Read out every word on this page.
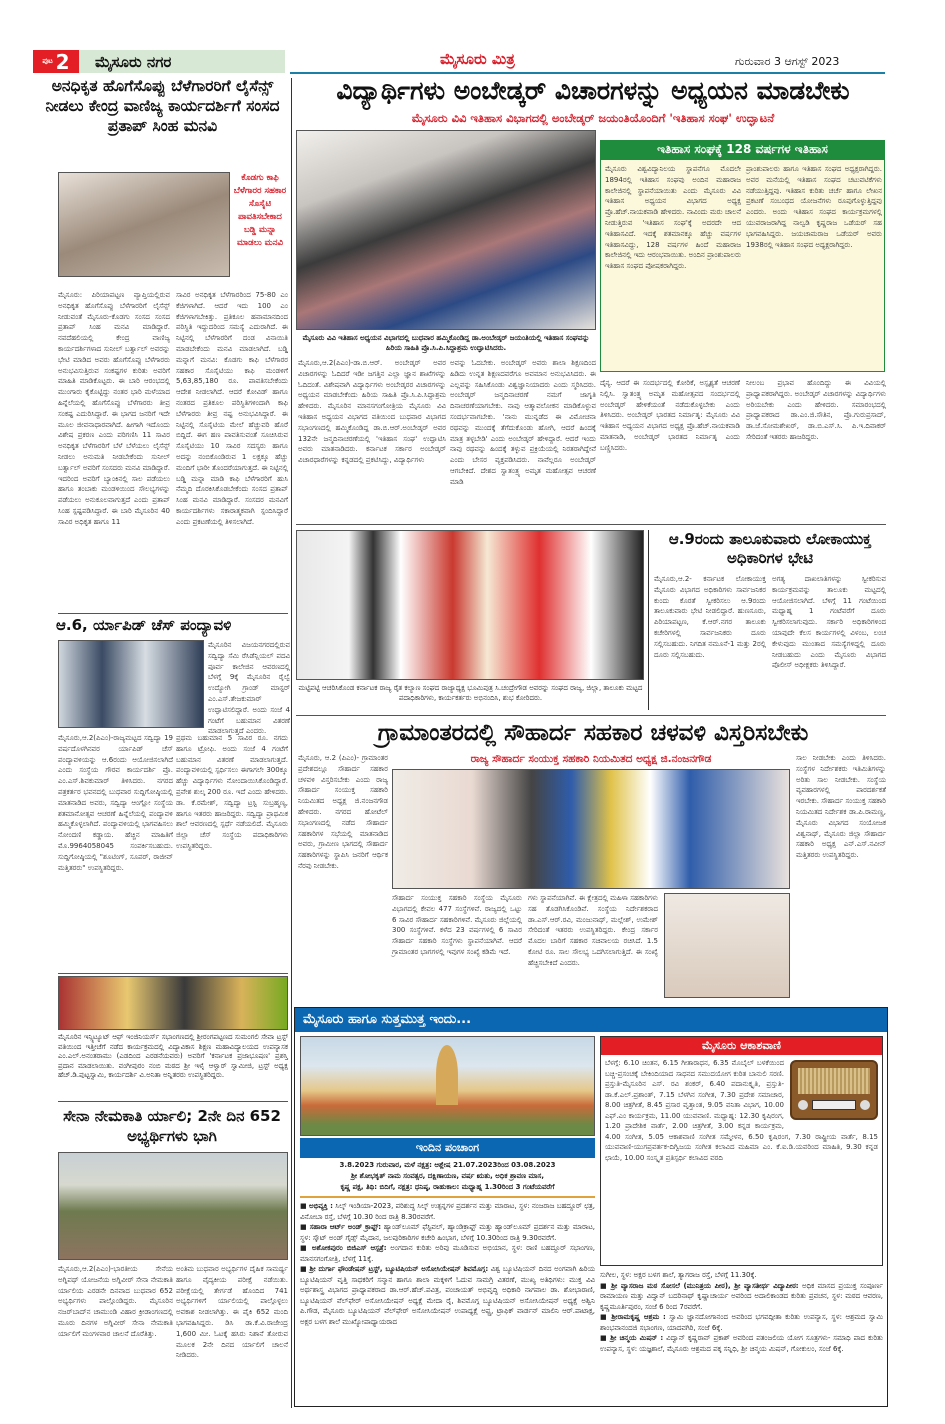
ಪುಟ 2 ಮೈಸೂರು ನಗರ	ಮೈಸೂರು ಮಿತ್ರ	ಗುರುವಾರ 3 ಆಗಸ್ಟ್ 2023
ಅನಧಿಕೃತ ಹೊಗೆಸೊಪ್ಪು ಬೆಳೆಗಾರರಿಗೆ ಲೈಸೆನ್ಸ್ ನೀಡಲು ಕೇಂದ್ರ ವಾಣಿಜ್ಯ ಕಾರ್ಯದರ್ಶಿಗೆ ಸಂಸದ ಪ್ರತಾಪ್ ಸಿಂಹ ಮನವಿ
ಕೊಡಗು ಕಾಫಿ ಬೆಳೆಗಾರರ ಸಹಕಾರ ಸೊಸೈಟಿ ಪಾವತಿಸಬೇಕಾದ ಬಡ್ಡಿ ಮನ್ನಾ ಮಾಡಲು ಮನವಿ
ಮೈಸೂರು: ಪಿರಿಯಾಪಟ್ಟಣ ವ್ಯಾಪ್ತಿಯಲ್ಲಿರುವ ಅನಧಿಕೃತ ಹೊಗೆಸೊಪ್ಪು ಬೆಳೆಗಾರರಿಗೆ ಲೈಸೆನ್ಸ್ ನೀಡುವಂತೆ ಮೈಸೂರು-ಕೊಡಗು ಸಂಸದ ಸಂಸದ ಪ್ರತಾಪ್ ಸಿಂಹ ಮನವಿ ಮಾಡಿದ್ದಾರೆ. ನವದೆಹಲಿಯಲ್ಲಿ ಕೇಂದ್ರ ವಾಣಿಜ್ಯ ಕಾರ್ಯದರ್ಶಿಗಳಾದ ಸುನೀಲ್ ಬರ್ತ್ವಾಲ್ ಅವರನ್ನು ಭೇಟಿ ಮಾಡಿದ ಅವರು ಹೊಗೆಸೊಪ್ಪು ಬೆಳೆಗಾರರು ಅನುಭವಿಸುತ್ತಿರುವ ಸಂಕಷ್ಟಗಳ ಕುರಿತು ಅವರಿಗೆ ಮಾಹಿತಿ ಮಾಡಿಕೊಟ್ಟರು. ಈ ಬಾರಿ ಆರಂಭದಲ್ಲಿ ಮುಂಗಾರು ಕೈಕೊಟ್ಟಿದ್ದು ನಂತರ ಭಾರಿ ಮಳೆಯಾದ ಹಿನ್ನೆಲೆಯಲ್ಲಿ ಹೊಗೆಸೊಪ್ಪು ಬೆಳೆಗಾರರು ತೀವ್ರ ಸಂಕಷ್ಟ ಎದುರಿಸಿದ್ದಾರೆ. ಈ ಭಾಗದ ಜನರಿಗೆ ಇದೇ ಮೂಲ ಜೀವನಾಧಾರವಾಗಿದೆ. ಹೀಗಾಗಿ ಇದೊಂದು ವಿಶೇಷ ಪ್ರಕರಣ ಎಂದು ಪರಿಗಣಿಸಿ 11 ಸಾವಿರ ಅನಧಿಕೃತ ಬೆಳೆಗಾರರಿಗೆ ಬೆಳೆ ಬೆಳೆಯಲು ಲೈಸೆನ್ಸ್ ನೀಡಲು ಅನುಮತಿ ನೀಡಬೇಕೆಂದು ಸುನೀಲ್ ಬರ್ತ್ವಾಲ್ ಅವರಿಗೆ ಸಂಸದರು ಮನವಿ ಮಾಡಿದ್ದಾರೆ. ಇದರಿಂದ ಅವರಿಗೆ ಬ್ಯಾಂಕಿನಲ್ಲಿ ಸಾಲ ಪಡೆಯಲು ಹಾಗೂ ತಂಬಾಕು ಮಂಡಳಿಯಿಂದ ಸೌಲಭ್ಯಗಳನ್ನು ಪಡೆಯಲು ಅನುಕೂಲವಾಗುತ್ತದೆ ಎಂದು ಪ್ರತಾಪ್ ಸಿಂಹ ಸ್ಪಷ್ಟಪಡಿಸಿದ್ದಾರೆ. ಈ ಬಾರಿ ಮೈಸೂರಿನ 40 ಸಾವಿರ ಅಧಿಕೃತ ಹಾಗೂ 11
ಸಾವಿರ ಅನಧಿಕೃತ ಬೆಳೆಗಾರರಿಂದ 75-80 ಎಂ ಕೆಜಿಗಳಾಗಿದೆ. ಆದರೆ ಇದು 100 ಎಂ ಕೆಜಿಗಳಾಗಬೇಕಿತ್ತು. ಪ್ರತಿಕೂಲ ಹವಾಮಾನದಿಂದ ಪರಿಸ್ಥಿತಿ ಇದ್ದುದರಿಂದ ಸಮಸ್ಯೆ ಎದುರಾಗಿದೆ. ಈ ನಿಟ್ಟಿನಲ್ಲಿ ಬೆಳೆಗಾರರಿಗೆ ದಂಡ ವಿನಾಯಿತಿ ಮಾಡಬೇಕೆಂದು ಮನವಿ ಮಾಡಲಾಗಿದೆ. ಬಡ್ಡಿ ಮನ್ನಾಗೆ ಮನವಿ: ಕೊಡಗು ಕಾಫಿ ಬೆಳೆಗಾರರ ಸಹಕಾರ ಸೊಸೈಟಿಯು ಕಾಫಿ ಮಂಡಳಿಗೆ 5,63,85,180 ರೂ. ಪಾವತಿಸಬೇಕೆಂದು ಆದೇಶ ನೀಡಲಾಗಿದೆ. ಆದರೆ ಕೋವಿಡ್ ಹಾಗೂ ನಂತರದ ಪ್ರತಿಕೂಲ ಪರಿಸ್ಥಿತಿಗಳಿಂದಾಗಿ ಕಾಫಿ ಬೆಳೆಗಾರರು ತೀವ್ರ ನಷ್ಟ ಅನುಭವಿಸಿದ್ದಾರೆ. ಈ ನಿಟ್ಟಿನಲ್ಲಿ ಸೊಸೈಟಿಯ ಮೇಲೆ ಹೆಚ್ಚುವರಿ ಹೊರೆ ಬಿದ್ದಿದೆ. ಈಗ ಹಣ ಪಾವತಿಸುವಂತೆ ಸೂಚಿಸಿರುವ ಸೊಸೈಟಿಯು 10 ಸಾವಿರ ಸದಸ್ಯರು ಹಾಗೂ ಅದನ್ನು ನಂಬಿಕೊಂಡಿರುವ 1 ಲಕ್ಷಕ್ಕೂ ಹೆಚ್ಚು ಮಂದಿಗೆ ಭಾರೀ ತೊಂದರೆಯಾಗುತ್ತದೆ. ಈ ನಿಟ್ಟಿನಲ್ಲಿ ಬಡ್ಡಿ ಮನ್ನಾ ಮಾಡಿ ಕಾಫಿ ಬೆಳೆಗಾರರಿಗೆ ಹುಸಿ ನೆಮ್ಮದಿ ದೊರಕಿಸಿಕೊಡಬೇಕೆಂದು ಸಂಸದ ಪ್ರತಾಪ್ ಸಿಂಹ ಮನವಿ ಮಾಡಿದ್ದಾರೆ. ಸಂಸದರ ಮನವಿಗೆ ಕಾರ್ಯದರ್ಶಿಗಳು ಸಕಾರಾತ್ಮಕವಾಗಿ ಸ್ಪಂದಿಸಿದ್ದಾರೆ ಎಂದು ಪ್ರಕಟಣೆಯಲ್ಲಿ ತಿಳಿಸಲಾಗಿದೆ.
ಆ.6, ರ್ಯಾಪಿಡ್ ಚೆಸ್ ಪಂದ್ಯಾವಳಿ
ಮೈಸೂರಿನ ವಿಜಯನಗರದಲ್ಲಿರುವ ಸದ್ವಿದ್ಯಾ ಸೆಮಿ ರೆಸಿಡೆನ್ಷಿಯಲ್ ಪದವಿ ಪೂರ್ವ ಕಾಲೇಜಿನ ಆವರಣದಲ್ಲಿ ಬೆಳಗ್ಗೆ 9ಕ್ಕೆ ಮೈಸೂರಿನ ರೈಲ್ವೆ ಉದ್ಯೋಗಿ ಗ್ರಾಂಡ್ ಮಾಸ್ಟರ್ ಎಂ.ಎಸ್.ತೇಜಕುಮಾರ್ ಉದ್ಘಾಟಿಸಲಿದ್ದಾರೆ. ಅಂದು ಸಂಜೆ 4 ಗಂಟೆಗೆ ಬಹುಮಾನ ವಿತರಣೆ ಮಾಡಲಾಗುತ್ತದೆ ಎಂದರು.
ಮೈಸೂರು,ಆ.2(ಪಿಎಂ)-ರಾಜ್ಯಮಟ್ಟದ ಸದ್ವಿದ್ಯಾ 19 ವರ್ಷದೊಳಗಿನವರ ರ್ಯಾಪಿಡ್ ಚೆಸ್ ಪಂದ್ಯಾವಳಿಯನ್ನು ಆ.6ರಂದು ಆಯೋಜಿಸಲಾಗಿದೆ ಎಂದು ಸಂಸ್ಥೆಯ ಗೌರವ ಕಾರ್ಯದರ್ಶಿ ಪ್ರೊ. ಎಂ.ಎಸ್.ಶಿವಕುಮಾರ್ ತಿಳಿಸಿದರು. ನಗರದ ಪತ್ರಕರ್ತರ ಭವನದಲ್ಲಿ ಬುಧವಾರ ಸುದ್ದಿಗೋಷ್ಠಿಯಲ್ಲಿ ಮಾತನಾಡಿದ ಅವರು, ಸದ್ವಿದ್ಯಾ ಆಂಗ್ಲೋ ಸಂಸ್ಥೆಯ ಶತಮಾನೋತ್ಸವ ಆಚರಣೆ ಹಿನ್ನೆಲೆಯಲ್ಲಿ ಪಂದ್ಯಾವಳಿ ಹಮ್ಮಿಕೊಳ್ಳಲಾಗಿದೆ. ಪಂದ್ಯಾವಳಿಯಲ್ಲಿ ಭಾಗವಹಿಸಲು ನೋಂದಣಿ ಕಡ್ಡಾಯ. ಹೆಚ್ಚಿನ ಮಾಹಿತಿಗೆ ಮೊ.9964058045 ಸಂಪರ್ಕಿಸಬಹುದು. ಸುದ್ದಿಗೋಷ್ಠಿಯಲ್ಲಿ "ಶೂಟಿಂಗ್, ಸೂಪರ್, ರಾಜೀವ್ ಮತ್ತಿತರರು" ಉಪಸ್ಥಿತರಿದ್ದರು.
ಪ್ರಥಮ ಬಹುಮಾನ 5 ಸಾವಿರ ರೂ. ನಗದು ಹಾಗೂ ಟ್ರೋಫಿ. ಅಂದು ಸಂಜೆ 4 ಗಂಟೆಗೆ ಬಹುಮಾನ ವಿತರಣೆ ಮಾಡಲಾಗುತ್ತದೆ. ಪಂದ್ಯಾವಳಿಯಲ್ಲಿ ಸ್ಪರ್ಧಿಸಲು ಈಗಾಗಲೇ 300ಕ್ಕೂ ಹೆಚ್ಚು ವಿದ್ಯಾರ್ಥಿಗಳು ನೋಂದಾಯಿಸಿಕೊಂಡಿದ್ದಾರೆ. ಪ್ರವೇಶ ಶುಲ್ಕ 200 ರೂ. ಇದೆ ಎಂದು ಹೇಳಿದರು. ಡಾ. ಕೆ.ರಮೇಶ್, ಸದ್ವಿದ್ಯಾ ಟ್ರಸ್ಟಿ ಸುಬ್ರಹ್ಮಣ್ಯ, ಹಾಗೂ ಇತರರು ಹಾಜರಿದ್ದರು. ಸದ್ವಿದ್ಯಾ ಪ್ರಾಥಮಿಕ ಶಾಲೆ ಆವರಣದಲ್ಲಿ ಸ್ಪರ್ಧೆ ನಡೆಯಲಿದೆ. ಮೈಸೂರು ಜಿಲ್ಲಾ ಚೆಸ್ ಸಂಸ್ಥೆಯ ಪದಾಧಿಕಾರಿಗಳು ಉಪಸ್ಥಿತರಿದ್ದರು.
ಮೈಸೂರಿನ ಇನ್ಸ್ಟಿಟ್ಯೂಟ್ ಆಫ್ ಇಂಜಿನಿಯರ್ಸ್ ಸಭಾಂಗಣದಲ್ಲಿ ಶ್ರೀರಂಗಪಟ್ಟಣದ ಸುಮಂಗಲಿ ಸೇವಾ ಟ್ರಸ್ಟ್ ವತಿಯಿಂದ ಇತ್ತೀಚೆಗೆ ನಡೆದ ಕಾರ್ಯಕ್ರಮದಲ್ಲಿ ವಿದ್ಯಾವಿಕಾಸ ಶಿಕ್ಷಣ ಮಹಾವಿದ್ಯಾಲಯದ ಉಪನ್ಯಾಸಕ ಎಂ.ಎಲ್.ಅನಂತರಾಮು (ಎಡದಿಂದ ಎರಡನೆಯವರು) ಅವರಿಗೆ 'ಕರ್ನಾಟಕ ಪ್ರಜಾಭೂಷಣ' ಪ್ರಶಸ್ತಿ ಪ್ರದಾನ ಮಾಡಲಾಯಿತು. ವಂಗೀಪುರಂ ನಂಬಿ ಮಠದ ಶ್ರೀ ಇಳೈ ಆಳ್ವಾರ್ ಸ್ವಾಮೀಜಿ, ಟ್ರಸ್ಟ್ ಅಧ್ಯಕ್ಷ ಹೆಚ್.ಡಿ.ಪುಟ್ಟಸ್ವಾಮಿ, ಕಾರ್ಯದರ್ಶಿ ವಿ.ಅನಿತಾ ಅನ್ನಿತರರು ಉಪಸ್ಥಿತರಿದ್ದರು.
ಸೇನಾ ನೇಮಕಾತಿ ರ್ಯಾಲಿ; 2ನೇ ದಿನ 652 ಅಭ್ಯರ್ಥಿಗಳು ಭಾಗಿ
ಮೈಸೂರು,ಆ.2(ಪಿಎಂ)-ಭಾರತೀಯ ಸೇನೆಯ ಅಗ್ನಿಪಥ್ ಯೋಜನೆಯ ಅಗ್ನಿವೀರ್ ಸೇನಾ ನೇಮಕಾತಿ ರ್ಯಾಲಿಯ ಎರಡನೇ ದಿನವಾದ ಬುಧವಾರ 652 ಅಭ್ಯರ್ಥಿಗಳು ಪಾಲ್ಗೊಂಡಿದ್ದರು. ಮೈಸೂರಿನ ನಜರ್‌ಬಾದ್‌ನ ಚಾಮುಂಡಿ ವಿಹಾರ ಕ್ರೀಡಾಂಗಣದಲ್ಲಿ ಮೂರು ದಿನಗಳ ಅಗ್ನಿವೀರ್ ಸೇನಾ ನೇಮಕಾತಿ ರ್ಯಾಲಿಗೆ ಮಂಗಳವಾರ ಚಾಲನೆ ದೊರೆತಿತ್ತು.
ಅಂತಿಮ ಬುಧವಾರ ಅಭ್ಯರ್ಥಿಗಳ ದೈಹಿಕ ಸಾಮರ್ಥ್ಯ ಹಾಗೂ ವೈದ್ಯಕೀಯ ಪರೀಕ್ಷೆ ನಡೆಯಿತು. ಪರೀಕ್ಷೆಯಲ್ಲಿ ತೇರ್ಗಡೆ ಹೊಂದಿದ 741 ಅಭ್ಯರ್ಥಿಗಳಿಗೆ ರ್ಯಾಲಿಯಲ್ಲಿ ಪಾಲ್ಗೊಳ್ಳಲು ಅವಕಾಶ ನೀಡಲಾಗಿತ್ತು. ಈ ಪೈಕಿ 652 ಮಂದಿ ಭಾಗವಹಿಸಿದ್ದರು. ಡಿಸಿ ಡಾ.ಕೆ.ವಿ.ರಾಜೇಂದ್ರ 1,600 ಮೀ. ಓಟಕ್ಕೆ ಹಸಿರು ನಿಶಾನೆ ತೋರುವ ಮೂಲಕ 2ನೇ ದಿನದ ರ್ಯಾಲಿಗೆ ಚಾಲನೆ ನೀಡಿದರು.
ವಿದ್ಯಾರ್ಥಿಗಳು ಅಂಬೇಡ್ಕರ್ ವಿಚಾರಗಳನ್ನು ಅಧ್ಯಯನ ಮಾಡಬೇಕು
ಮೈಸೂರು ವಿವಿ ಇತಿಹಾಸ ವಿಭಾಗದಲ್ಲಿ ಅಂಬೇಡ್ಕರ್ ಜಯಂತಿಯೊಂದಿಗೆ 'ಇತಿಹಾಸ ಸಂಘ' ಉದ್ಘಾಟನೆ
ಮೈಸೂರು ವಿವಿ ಇತಿಹಾಸ ಅಧ್ಯಯನ ವಿಭಾಗದಲ್ಲಿ ಬುಧವಾರ ಹಮ್ಮಿಕೊಂಡಿದ್ದ ಡಾ.ಅಂಬೇಡ್ಕರ್ ಜಯಂತಿಯಲ್ಲಿ ಇತಿಹಾಸ ಸಂಘವನ್ನು ಹಿರಿಯ ಸಾಹಿತಿ ಪ್ರೊ.ಸಿ.ಪಿ.ಸಿದ್ದಾಶ್ರಮ ಉದ್ಘಾಟಿಸಿದರು.
ಮೈಸೂರು,ಆ.2(ಪಿಎಂ)-ಡಾ.ಬಿ.ಆರ್. ಅಂಬೇಡ್ಕರ್ ಅವರ ವಿಚಾರಗಳನ್ನು ಓದಿದರೆ ಇಡೀ ಜಗತ್ತಿನ ಎಲ್ಲಾ ಜ್ಞಾನ ಶಾಖೆಗಳನ್ನು ಓದಿದಂತೆ. ವಿಶೇಷವಾಗಿ ವಿದ್ಯಾರ್ಥಿಗಳು ಅಂಬೇಡ್ಕರರ ವಿಚಾರಗಳನ್ನು ಅಧ್ಯಯನ ಮಾಡಬೇಕೆಂದು ಹಿರಿಯ ಸಾಹಿತಿ ಪ್ರೊ.ಸಿ.ಪಿ.ಸಿದ್ದಾಶ್ರಮ ಹೇಳಿದರು. ಮೈಸೂರಿನ ಮಾನಸಗಂಗೋತ್ರಿಯ ಮೈಸೂರು ವಿವಿ ಇತಿಹಾಸ ಅಧ್ಯಯನ ವಿಭಾಗದ ವತಿಯಿಂದ ಬುಧವಾರ ವಿಭಾಗದ ಸಭಾಂಗಣದಲ್ಲಿ ಹಮ್ಮಿಕೊಂಡಿದ್ದ ಡಾ.ಬಿ.ಆರ್.ಅಂಬೇಡ್ಕರ್ ಅವರ 132ನೇ ಜನ್ಮದಿನಾಚರಣೆಯಲ್ಲಿ 'ಇತಿಹಾಸ ಸಂಘ' ಉದ್ಘಾಟಿಸಿ ಅವರು ಮಾತನಾಡಿದರು. ಕರ್ನಾಟಕ ಸರ್ಕಾರ ಅಂಬೇಡ್ಕರ್ ವಿಚಾರಧಾರೆಗಳನ್ನು ಕನ್ನಡದಲ್ಲಿ ಪ್ರಕಟಿಸಿದ್ದು, ವಿದ್ಯಾರ್ಥಿಗಳು
ಅವನ್ನು ಓದಬೇಕು. ಅಂಬೇಡ್ಕರ್ ಅವರು ಶಾಲಾ ಶಿಕ್ಷಣದಿಂದ ಹಿಡಿದು ಉನ್ನತ ಶಿಕ್ಷಣದವರೆಗೂ ಅವಮಾನ ಅನುಭವಿಸಿದರು. ಈ ಎಲ್ಲವನ್ನು ಸಹಿಸಿಕೊಂಡು ವಿಶ್ವಜ್ಞಾನಿಯಾದರು ಎಂದು ಸ್ಮರಿಸಿದರು. ಅಂಬೇಡ್ಕರ್ ಜನ್ಮದಿನಾಚರಣೆ ನಮಗೆ ಜಾಗೃತಿ ದಿನಾಚರಣೆಯಾಗಬೇಕು. ನಾವು ಆತ್ಮಾವಲೋಕನ ಮಾಡಿಕೊಳ್ಳುವ ಸಂದರ್ಭವಾಗಬೇಕು. 'ನಾನು ಮುನ್ನಡೆದ ಈ ವಿಮೋಚನಾ ರಥವನ್ನು ಮುಂದಕ್ಕೆ ತೆಗೆದುಕೊಂಡು ಹೋಗಿ, ಆದರೆ ಹಿಂದಕ್ಕೆ ಮಾತ್ರ ತಳ್ಳಬೇಡಿ' ಎಂದು ಅಂಬೇಡ್ಕರ್ ಹೇಳಿದ್ದಾರೆ. ಆದರೆ ಇಂದು ನಾವು ರಥವನ್ನು ಹಿಂದಕ್ಕೆ ತಳ್ಳುವ ಪ್ರಕ್ರಿಯೆಯಲ್ಲಿ ನಿರತರಾಗಿದ್ದೇವೆ ಎಂದು ಬೇಸರ ವ್ಯಕ್ತಪಡಿಸಿದರು. ನಾವೆಲ್ಲರೂ ಅಂಬೇಡ್ಕರ್ ಆಗಬೇಕಿದೆ. ದೇಶದ ಸ್ವಾತಂತ್ರ್ಯ ಅಮೃತ ಮಹೋತ್ಸವ ಆಚರಣೆ ಮಾಡಿ
ಇತಿಹಾಸ ಸಂಘಕ್ಕೆ 128 ವರ್ಷಗಳ ಇತಿಹಾಸ
ಮೈಸೂರು ವಿಶ್ವವಿದ್ಯಾನಿಲಯ ಸ್ಥಾಪನೆಗೂ ಮೊದಲೇ 1894ರಲ್ಲಿ ಇತಿಹಾಸ ಸಂಘವು ಅಂದಿನ ಮಹಾರಾಜ ಕಾಲೇಜಿನಲ್ಲಿ ಸ್ಥಾಪನೆಯಾಯಿತು ಎಂದು ಮೈಸೂರು ವಿವಿ ಇತಿಹಾಸ ಅಧ್ಯಯನ ವಿಭಾಗದ ಅಧ್ಯಕ್ಷ ಪ್ರೊ.ಹೆಚ್.ನಾಯಕವಾಡಿ ಹೇಳಿದರು. ನಾವಿಂದು ಮರು ಚಾಲನೆ ನೀಡುತ್ತಿರುವ 'ಇತಿಹಾಸ ಸಂಘ'ಕ್ಕೆ ಅದರದೇ ಆದ ಇತಿಹಾಸವಿದೆ. ಇದಕ್ಕೆ ಶತಮಾನಕ್ಕೂ ಹೆಚ್ಚು ವರ್ಷಗಳ ಇತಿಹಾಸವಿದ್ದು, 128 ವರ್ಷಗಳ ಹಿಂದೆ ಮಹಾರಾಜ ಕಾಲೇಜಿನಲ್ಲಿ ಇದು ಆರಂಭವಾಯಿತು. ಅಂದಿನ ಪ್ರಾಂಶುಪಾಲರು ಇತಿಹಾಸ ಸಂಘದ ಪೋಷಕರಾಗಿದ್ದರು.
ಪ್ರಾಂಶುಪಾಲರು ಹಾಗೂ ಇತಿಹಾಸ ಸಂಘದ ಅಧ್ಯಕ್ಷರಾಗಿದ್ದರು. ಅವರ ಮನೆಯಲ್ಲಿ ಇತಿಹಾಸ ಸಂಘದ ಚಟುವಟಿಕೆಗಳು ನಡೆಯುತ್ತಿದ್ದವು. ಇತಿಹಾಸ ಕುರಿತು ಚರ್ಚೆ ಹಾಗೂ ಲೇಖನ ಪ್ರಕಟಣೆ ಸಂಬಂಧದ ಯೋಜನೆಗಳು ರೂಪುಗೊಳ್ಳುತ್ತಿದ್ದವು ಎಂದರು. ಅಂದು ಇತಿಹಾಸ ಸಂಘದ ಕಾರ್ಯಕ್ರಮಗಳಲ್ಲಿ ಯುವರಾಜರಾಗಿದ್ದ ನಾಲ್ವಡಿ ಕೃಷ್ಣರಾಜ ಒಡೆಯರ್ ಸಹ ಭಾಗವಹಿಸಿದ್ದರು. ಜಯಚಾಮರಾಜ ಒಡೆಯರ್ ಅವರು 1938ರಲ್ಲಿ ಇತಿಹಾಸ ಸಂಘದ ಅಧ್ಯಕ್ಷರಾಗಿದ್ದರು.
ದೈನ್ಯ. ಆದರೆ ಈ ಸಂದರ್ಭದಲ್ಲಿ ಕೋರಿಕೆ, ಅಸ್ಪೃಶ್ಯತೆ ಆಚರಣೆ ನಿಲ್ಲಿಸಿ. ಸ್ವಾತಂತ್ರ್ಯ ಅಮೃತ ಮಹೋತ್ಸವದ ಸಂದರ್ಭದಲ್ಲಿ ಅಂಬೇಡ್ಕರ್ ಹೇಳಿಕೆಯಂತೆ ನಡೆದುಕೊಳ್ಳಬೇಕು ಎಂದು ತಿಳಿಸಿದರು. ಅಂಬೇಡ್ಕರ್ ಭಾರತದ ನಿರ್ಮಾತೃ: ಮೈಸೂರು ವಿವಿ ಇತಿಹಾಸ ಅಧ್ಯಯನ ವಿಭಾಗದ ಅಧ್ಯಕ್ಷ ಪ್ರೊ.ಹೆಚ್.ನಾಯಕವಾಡಿ ಮಾತನಾಡಿ, ಅಂಬೇಡ್ಕರ್ ಭಾರತದ ನಿರ್ಮಾತೃ ಎಂದು ಬಣ್ಣಿಸಿದರು.
ನೀಲಂಬ ಪ್ರಭಾವ ಹೊಂದಿದ್ದು ಈ ವಿವಿಯಲ್ಲಿ ಪ್ರಾಧ್ಯಾಪಕರಾಗಿದ್ದರು. ಅಂಬೇಡ್ಕರ್ ವಿಚಾರಗಳನ್ನು ವಿದ್ಯಾರ್ಥಿಗಳು ಅರಿಯಬೇಕು ಎಂದು ಹೇಳಿದರು. ಸಮಾರಂಭದಲ್ಲಿ ಪ್ರಾಧ್ಯಾಪಕರಾದ ಡಾ.ಎಂ.ಜಿ.ಸೌತಿನ, ಪ್ರೊ.ಗುರುಪ್ರಸಾದ್, ಡಾ.ಜೆ.ಸೋಮಶೇಖರ್, ಡಾ.ಬಿ.ಎಸ್.ಸಿ. ಪಿ.ಇ.ದಿವಾಕರ್ ಸೇರಿದಂತೆ ಇತರರು ಹಾಜರಿದ್ದರು.
ಮಟ್ಟಿಪಟ್ಟಿ ಆಚರಿಸಿಕೊಂಡ ಕರ್ನಾಟಕ ರಾಜ್ಯ ರೈತ ಕಲ್ಯಾಣ ಸಂಘದ ರಾಜ್ಯಾಧ್ಯಕ್ಷ ಭೂಮಿಪುತ್ರ ಸಿ.ಚಂದ್ರೇಗೌಡ ಅವರನ್ನು ಸಂಘದ ರಾಜ್ಯ, ಜಿಲ್ಲಾ, ತಾಲೂಕು ಮಟ್ಟದ ಪದಾಧಿಕಾರಿಗಳು, ಕಾರ್ಯಕರ್ತರು ಅಭಿನಂದಿಸಿ, ಶುಭ ಕೋರಿದರು.
ಆ.9ರಂದು ತಾಲೂಕುವಾರು ಲೋಕಾಯುಕ್ತ ಅಧಿಕಾರಿಗಳ ಭೇಟಿ
ಮೈಸೂರು,ಆ.2- ಕರ್ನಾಟಕ ಲೋಕಾಯುಕ್ತ ಮೈಸೂರು ವಿಭಾಗದ ಅಧಿಕಾರಿಗಳು ಸಾರ್ವಜನಿಕರ ಕುಂದು ಕೊರತೆ ಸ್ವೀಕರಿಸಲು ಆ.9ರಂದು ತಾಲೂಕುವಾರು ಭೇಟಿ ನೀಡಲಿದ್ದಾರೆ. ಹುಣಸೂರು, ಪಿರಿಯಾಪಟ್ಟಣ, ಕೆ.ಆರ್.ನಗರ ತಾಲೂಕು ಕಚೇರಿಗಳಲ್ಲಿ ಸಾರ್ವಜನಿಕರು ದೂರು ಸಲ್ಲಿಸಬಹುದು. ನಿಗದಿತ ನಮೂನೆ-1 ಮತ್ತು 2ರಲ್ಲಿ ದೂರು ಸಲ್ಲಿಸಬಹುದು.
ಅಗತ್ಯ ದಾಖಲಾತಿಗಳನ್ನು ಸ್ವೀಕರಿಸುವ ಕಾರ್ಯಕ್ರಮವನ್ನು ತಾಲೂಕು ಮಟ್ಟದಲ್ಲಿ ಆಯೋಜಿಸಲಾಗಿದೆ. ಬೆಳಿಗ್ಗೆ 11 ಗಂಟೆಯಿಂದ ಮಧ್ಯಾಹ್ನ 1 ಗಂಟೆವರೆಗೆ ದೂರು ಸ್ವೀಕರಿಸಲಾಗುವುದು. ಸರ್ಕಾರಿ ಅಧಿಕಾರಿಗಳಿಂದ ಯಾವುದೇ ಕೆಲಸ ಕಾರ್ಯಗಳಲ್ಲಿ ವಿಳಂಬ, ಲಂಚ ಕೇಳುವುದು ಮುಂತಾದ ಸಮಸ್ಯೆಗಳಿದ್ದಲ್ಲಿ ದೂರು ನೀಡಬಹುದು ಎಂದು ಮೈಸೂರು ವಿಭಾಗದ ಪೊಲೀಸ್ ಅಧೀಕ್ಷಕರು ತಿಳಿಸಿದ್ದಾರೆ.
ಗ್ರಾಮಾಂತರದಲ್ಲಿ ಸೌಹಾರ್ದ ಸಹಕಾರ ಚಳವಳಿ ವಿಸ್ತರಿಸಬೇಕು
ಮೈಸೂರು, ಆ.2 (ಪಿಎಂ)- ಗ್ರಾಮಾಂತರ ಪ್ರದೇಶದಲ್ಲೂ ಸೌಹಾರ್ದ ಸಹಕಾರ ಚಳವಳಿ ವಿಸ್ತರಿಸಬೇಕು ಎಂದು ರಾಜ್ಯ ಸೌಹಾರ್ದ ಸಂಯುಕ್ತ ಸಹಕಾರಿ ನಿಯಮಿತದ ಅಧ್ಯಕ್ಷ ಜಿ.ನಂಜನಗೌಡ ಹೇಳಿದರು. ನಗರದ ಹೋಟೆಲ್ ಸಭಾಂಗಣದಲ್ಲಿ ನಡೆದ ಸೌಹಾರ್ದ ಸಹಕಾರಿಗಳ ಸಭೆಯಲ್ಲಿ ಮಾತನಾಡಿದ ಅವರು, ಗ್ರಾಮೀಣ ಭಾಗದಲ್ಲಿ ಸೌಹಾರ್ದ ಸಹಕಾರಿಗಳನ್ನು ಸ್ಥಾಪಿಸಿ ಜನರಿಗೆ ಆರ್ಥಿಕ ನೆರವು ನೀಡಬೇಕು.
ರಾಜ್ಯ ಸೌಹಾರ್ದ ಸಂಯುಕ್ತ ಸಹಕಾರಿ ನಿಯಮಿತದ ಅಧ್ಯಕ್ಷ ಜಿ.ನಂಜನಗೌಡ
ಸೌಹಾರ್ದ ಸಂಯುಕ್ತ ಸಹಕಾರಿ ಸಂಸ್ಥೆಯ ಮೈಸೂರು ವಿಭಾಗದಲ್ಲಿ ಕೇವಲ 477 ಸಂಸ್ಥೆಗಳಿವೆ. ರಾಜ್ಯದಲ್ಲಿ ಒಟ್ಟು 6 ಸಾವಿರ ಸೌಹಾರ್ದ ಸಹಕಾರಿಗಳಿವೆ. ಮೈಸೂರು ಜಿಲ್ಲೆಯಲ್ಲಿ 300 ಸಂಸ್ಥೆಗಳಿವೆ. ಕಳೆದ 23 ವರ್ಷಗಳಲ್ಲಿ 6 ಸಾವಿರ ಸೌಹಾರ್ದ ಸಹಕಾರಿ ಸಂಸ್ಥೆಗಳು ಸ್ಥಾಪನೆಯಾಗಿವೆ. ಆದರೆ ಗ್ರಾಮಾಂತರ ಭಾಗಗಳಲ್ಲಿ ಇವುಗಳ ಸಂಖ್ಯೆ ಕಡಿಮೆ ಇದೆ.
ಗಳು ಸ್ಥಾಪನೆಯಾಗಿವೆ. ಈ ಕ್ಷೇತ್ರದಲ್ಲಿ ಮಹಿಳಾ ಸಹಕಾರಿಗಳು ಸಹ ತೊಡಗಿಸಿಕೊಂಡಿವೆ. ಸಂಸ್ಥೆಯ ನಿರ್ದೇಶಕರಾದ ಡಾ.ಎಸ್.ಆರ್.ರವಿ, ಮಂಜುನಾಥ್, ಮಲ್ಲೇಶ್, ಉಮೇಶ್ ಸೇರಿದಂತೆ ಇತರರು ಉಪಸ್ಥಿತರಿದ್ದರು. ಕೇಂದ್ರ ಸರ್ಕಾರ ಮೊದಲ ಬಾರಿಗೆ ಸಹಕಾರ ಸಚಿವಾಲಯ ರಚಿಸಿದೆ. 1.5 ಕೋಟಿ ರೂ. ಸಾಲ ಸೌಲಭ್ಯ ಒದಗಿಸಲಾಗುತ್ತಿದೆ. ಈ ಸಂಖ್ಯೆ ಹೆಚ್ಚಿಸಬೇಕಿದೆ ಎಂದರು.
ಸಾಲ ನೀಡಬೇಕು ಎಂದು ತಿಳಿಸಿದರು. ಸಂಸ್ಥೆಗಳ ನಿರ್ದೇಶಕರು ಇತಿಮಿತಿಗಳನ್ನು ಅರಿತು ಸಾಲ ನೀಡಬೇಕು. ಸಂಸ್ಥೆಯ ವ್ಯವಹಾರಗಳಲ್ಲಿ ಪಾರದರ್ಶಕತೆ ಇರಬೇಕು. ಸೌಹಾರ್ದ ಸಂಯುಕ್ತ ಸಹಕಾರಿ ನಿಯಮಿತದ ನಿರ್ದೇಶಕ ಡಾ.ಪಿ.ರಾಮಣ್ಣ, ಮೈಸೂರು ವಿಭಾಗದ ಸಂಯೋಜಕ ವಿಶ್ವನಾಥ್, ಮೈಸೂರು ಜಿಲ್ಲಾ ಸೌಹಾರ್ದ ಸಹಕಾರಿ ಅಧ್ಯಕ್ಷ ಎನ್.ಎಸ್.ನವೀನ್ ಮತ್ತಿತರರು ಉಪಸ್ಥಿತರಿದ್ದರು.
ಮೈಸೂರು ಹಾಗೂ ಸುತ್ತಮುತ್ತ ಇಂದು...
ಇಂದಿನ ಪಂಚಾಂಗ
3.8.2023 ಗುರುವಾರ, ಮಳೆ ನಕ್ಷತ್ರ: ಆಶ್ಲೇಷ 21.07.2023ರಿಂದ 03.08.2023
ಶ್ರೀ ಶೋಭಕೃತ್ ನಾಮ ಸಂವತ್ಸರ, ದಕ್ಷಿಣಾಯಣ, ವರ್ಷ ಋತು, ಅಧಿಕ ಶ್ರಾವಣ ಮಾಸ,
ಕೃಷ್ಣ ಪಕ್ಷ, ತಿಥಿ: ಬಿದಿಗೆ, ನಕ್ಷತ್ರ: ಧನಿಷ್ಠ, ರಾಹುಕಾಲ: ಮಧ್ಯಾಹ್ನ 1.30ರಿಂದ 3 ಗಂಟೆಯವರೆಗೆ
■ ಅಭಿವ್ಯಕ್ತಿ : ಸಿಲ್ಕ್ ಇಂಡಿಯಾ-2023, ಪರಿಶುದ್ಧ ಸಿಲ್ಕ್ ಉತ್ಪನ್ನಗಳ ಪ್ರದರ್ಶನ ಮತ್ತು ಮಾರಾಟ, ಸ್ಥಳ: ನಂಜರಾಜ ಬಹದ್ದೂರ್ ಛತ್ರ, ವಿನೋಬಾ ರಸ್ತೆ, ಬೆಳಗ್ಗೆ 10.30 ರಿಂದ ರಾತ್ರಿ 8.30ರವರೆಗೆ.
■ ಸಹಾರಾ ಆರ್ಟ್ ಅಂಡ್ ಕ್ರಾಫ್ಟ್: ಹ್ಯಾಂಡ್‌ಲೂಮ್ ಫೆಸ್ಟಿವಲ್, ಹ್ಯಾಂಡಿಕ್ರಾಫ್ಟ್ ಮತ್ತು ಹ್ಯಾಂಡ್‌ಲೂಮ್ ಪ್ರದರ್ಶನ ಮತ್ತು ಮಾರಾಟ, ಸ್ಥಳ: ಸ್ಕೌಟ್ ಅಂಡ್ ಗೈಡ್ಸ್ ಮೈದಾನ, ಜಲಪುರಿಕಾರಿಗಳ ಕಚೇರಿ ಹಿಂಭಾಗ, ಬೆಳಗ್ಗೆ 10.30ರಿಂದ ರಾತ್ರಿ 9.30ರವರೆಗೆ.
■ ಅಶೋಕಪುರಂ ಬಿಜಿಎಸ್ ಆಸ್ಪತ್ರೆ: ಅಂಗದಾನ ಕುರಿತು ಅರಿವು ಮೂಡಿಸುವ ಅಭಿಯಾನ, ಸ್ಥಳ: ರಾಣಿ ಬಹದ್ದೂರ್ ಸಭಾಂಗಣ, ಮಾನಸಗಂಗೋತ್ರಿ, ಬೆಳಗ್ಗೆ 11ಕ್ಕೆ.
■ ಶ್ರೀ ದುರ್ಗಾ ಫೌಂಡೇಷನ್ ಟ್ರಸ್ಟ್, ಬ್ಯೂಟಿಷಿಯನ್ ಅಸೋಸಿಯೇಷನ್ ಶಿವಮೊಗ್ಗ: ವಿಶ್ವ ಬ್ಯೂಟಿಷಿಯನ್ ದಿನದ ಅಂಗವಾಗಿ ಹಿರಿಯ ಬ್ಯೂಟಿಷಿಯನ್ ವೃತ್ತಿ ಸಾಧಕರಿಗೆ ಸನ್ಮಾನ ಹಾಗೂ ಶಾಲಾ ಮಕ್ಕಳಿಗೆ ಓದುವ ಸಾಮಗ್ರಿ ವಿತರಣೆ, ಮುಖ್ಯ ಅತಿಥಿಗಳು: ಮುಕ್ತ ವಿವಿ ಅರ್ಥಶಾಸ್ತ್ರ ವಿಭಾಗದ ಪ್ರಾಧ್ಯಾಪಕರಾದ ಡಾ.ಆರ್.ಹೆಚ್.ಪವಿತ್ರ, ಪಂಚಾಯತ್ ಅಭಿವೃದ್ಧಿ ಅಧಿಕಾರಿ ನಾಗವಾಲ ಡಾ. ಶೋಭಾರಾಣಿ, ಬ್ಯೂಟಿಷಿಯನ್ ವೆಲ್‌ಫೇರ್ ಅಸೋಸಿಯೇಷನ್ ಅಧ್ಯಕ್ಷೆ ಮೇದಾ ರೈ, ಶಿವಮೊಗ್ಗ ಬ್ಯೂಟಿಷಿಯನ್ ಅಸೋಸಿಯೇಷನ್ ಅಧ್ಯಕ್ಷೆ ಅಶ್ವಿನಿ ಪಿ.ಗೌಡ, ಮೈಸೂರು ಬ್ಯೂಟಿಷಿಯನ್ ವೆಲ್‌ಫೇರ್ ಅಸೋಸಿಯೇಷನ್ ಉಪಾಧ್ಯಕ್ಷೆ ಅಫ್ಸ್ರ, ಟ್ರಾಫಿಕ್ ವಾರ್ಡನ್ ಮಾಲಿನಿ ಆರ್.ಪಾಟಾಕ್ಷ, ಅಕ್ಷರ ಬಳಗ ಶಾಲೆ ಮುಖ್ಯೋಪಾಧ್ಯಾಯರಾದ
ಮೈಸೂರು ಆಕಾಶವಾಣಿ
ಬೆಳಗ್ಗೆ: 6.10 ಚಿಂತನ, 6.15 ಗೀತಾರಾಧನ, 6.35 ಮೊಬೈಲ್ ಬಳಕೆಯಿಂದ ಬಚ್ಚಿ-ಪ್ರಸಂಚಕ್ಕೆ ಬೇಕಿಂದಿಯಾದ ಸಾಧನದ ಸಮುದಯೋಗ ಕುರಿತ ಬಾನುಲಿ ಸರಣಿ. ಪ್ರಸ್ತುತಿ-ಮೈಸೂರಿನ ಎಸ್. ರವಿ ಶಂಕರ್, 6.40 ಪದಾನುಕ್ಕೃತಿ, ಪ್ರಸ್ತುತಿ-ಡಾ.ಕೆ.ಎಲ್.ಪ್ರಶಾಂತ್, 7.15 ಬೆಳಗಿನ ಸಂಗೀತ, 7.30 ಪ್ರದೇಶ ಸಮಾಚಾರ, 8.00 ಚಿತ್ರಗೀತೆ, 8.45 ಪ್ರಸಾರ ವೃತ್ತಾಂತ, 9.05 ವನಿತಾ ವಿಭಾಗ, 10.00 ಎಫ್.ಎಂ ಕಾರ್ಯಕ್ರಮ, 11.00 ಯುವವಾಣಿ. ಮಧ್ಯಾಹ್ನ: 12.30 ಕೃಷಿರಂಗ, 1.20 ಪ್ರಾದೇಶಿಕ ವಾರ್ತೆ, 2.00 ಚಿತ್ರಗೀತೆ, 3.00 ಕನ್ನಡ ಕಾರ್ಯಕ್ರಮ, 4.00 ಸಂಗೀತ, 5.05 ಆಕಾಶವಾಣಿ ಸಂಗೀತ ಸಮ್ಮೇಳನ, 6.50 ಕೃಷಿರಂಗ, 7.30 ರಾಷ್ಟ್ರೀಯ ವಾರ್ತೆ, 8.15 ಯುವವಾಣಿ-ಯುಗಪ್ರವರ್ತಕ-ದಿಗ್ವಿಜಯ ಸಂಗೀತ ಕಲಾವಿದ ಮಹಿಮಾ ಎಂ. ಕೆ.ಐ.ಡಿ.ಯವರಿಂದ ಮಾಹಿತಿ, 9.30 ಕನ್ನಡ ಛಾಯೆ, 10.00 ಸಂಸ್ಕೃತ ಪ್ರತಿಸ್ಪರ್ಧಿ ಕಲಾವಿದ ವರದಿ
ಸುಗೀಲ, ಸ್ಥಳ: ಅಕ್ಷರ ಬಳಗ ಶಾಲೆ, ತ್ಯಾಗರಾಜ ರಸ್ತೆ, ಬೆಳಗ್ಗೆ 11.30ಕ್ಕೆ.
■ ಶ್ರೀ ವ್ಯಾಸರಾಜ ಮಠ ಸೋಸಲೆ (ಮುನಿತ್ರಯ ಪೀಠ), ಶ್ರೀ ವ್ಯಾಸತೀರ್ಥ ವಿದ್ಯಾಪೀಠ: ಅಧಿಕ ಮಾಸದ ಪ್ರಯುಕ್ತ ಸಂಪೂರ್ಣ ರಾಮಾಯಣ ಮತ್ತು ವಿದ್ವಾನ್ ಬದರಿನಾಥ್ ಕೃಷ್ಣಾಚಾರ್ಯ ಅವರಿಂದ ಅದಾಲಿಕಾಂಡದ ಕುರಿತು ಪ್ರವಚನ, ಸ್ಥಳ: ಮಠದ ಆವರಣ, ಕೃಷ್ಣಮೂರ್ತಿಪುರಂ, ಸಂಜೆ 6 ರಿಂದ 7ರವರೆಗೆ.
■ ಶ್ರೀರಾಮಕೃಷ್ಣ ಆಶ್ರಮ : ಸ್ವಾಮಿ ಜ್ಞಾನದೋಗಾನಂದ ಅವರಿಂದ ಭಗವದ್ಗೀತಾ ಕುರಿತು ಉಪನ್ಯಾಸ, ಸ್ಥಳ: ಆಶ್ರಮದ ಸ್ವಾಮಿ ಶಾಂಭವಾನಂದಜಿ ಸಭಾಂಗಣ, ಯಾದವಗಿರಿ, ಸಂಜೆ 6ಕ್ಕೆ.
■ ಶ್ರೀ ಚಿನ್ಮಯ ಮಿಷನ್ : ವಿದ್ವಾನ್ ಕೃಷ್ಣರಾವ್ ಪ್ರಕಾಶ್ ಅವರಿಂದ ಪತಂಜಲಿಯ ಯೋಗ ಸೂತ್ರಗಳು- ಸಮಾಧಿ ಪಾದ ಕುರಿತು ಉಪನ್ಯಾಸ, ಸ್ಥಳ: ಯಜ್ಞಶಾಲೆ, ಮೈಸೂರು ಆಶ್ರಮದ ಪಕ್ಕ ಸನ್ನಿಧಿ, ಶ್ರೀ ಚಿನ್ಮಯ ಮಿಷನ್, ಗೋಕುಲಂ, ಸಂಜೆ 6ಕ್ಕೆ.
